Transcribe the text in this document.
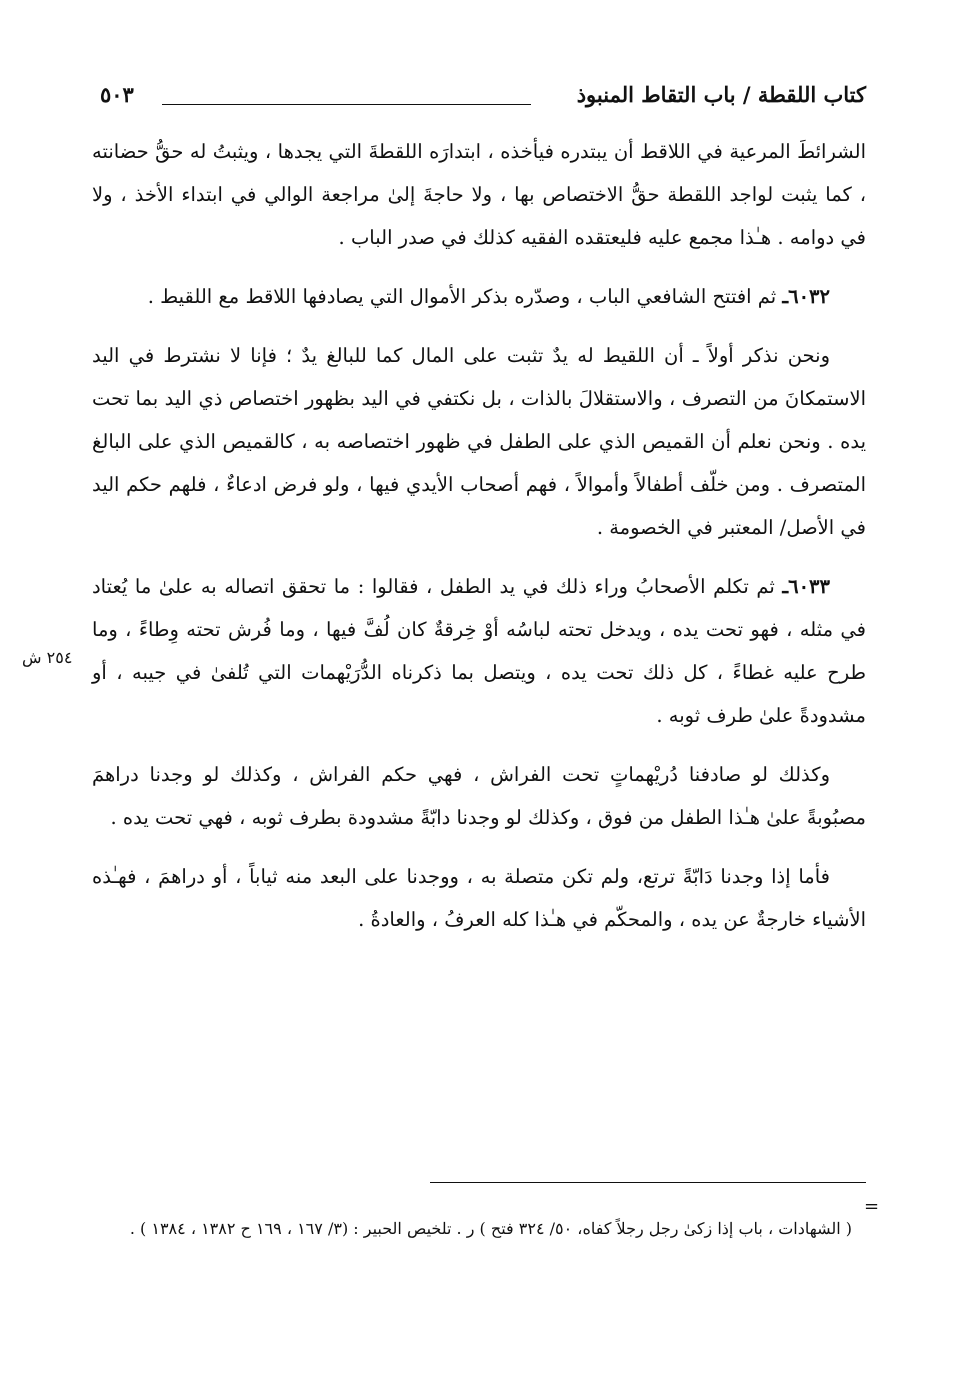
كتاب اللقطة / باب التقاط المنبوذ
٥٠٣

الشرائطَ المرعية في اللاقط أن يبتدره فيأخذه ، ابتدارَه اللقطةَ التي يجدها ، ويثبتُ له حقُّ حضانته ، كما يثبت لواجد اللقطة حقُّ الاختصاص بها ، ولا حاجةَ إلىٰ مراجعة الوالي في ابتداء الأخذ ، ولا في دوامه . هـٰذا مجمع عليه فليعتقده الفقيه كذلك في صدر الباب .

٦٠٣٢ـ ثم افتتح الشافعي الباب ، وصدّره بذكر الأموال التي يصادفها اللاقط مع اللقيط .

ونحن نذكر أولاً ـ أن اللقيط له يدٌ تثبت على المال كما للبالغ يدٌ ؛ فإنا لا نشترط في اليد الاستمكانَ من التصرف ، والاستقلالَ بالذات ، بل نكتفي في اليد بظهور اختصاص ذي اليد بما تحت يده . ونحن نعلم أن القميص الذي على الطفل في ظهور اختصاصه به ، كالقميص الذي على البالغ المتصرف . ومن خلّف أطفالاً وأموالاً ، فهم أصحاب الأيدي فيها ، ولو فرض ادعاءٌ ، فلهم حكم اليد في الأصل/ المعتبر في الخصومة .

٦٠٣٣ـ ثم تكلم الأصحابُ وراء ذلك في يد الطفل ، فقالوا : ما تحقق اتصاله به علىٰ ما يُعتاد في مثله ، فهو تحت يده ، ويدخل تحته لباسُه أوْ خِرقةٌ كان لُفَّ فيها ، وما فُرش تحته وِطاءً ، وما طرح عليه غطاءً ، كل ذلك تحت يده ، ويتصل بما ذكرناه الدُّرَيْهمات التي تُلفىٰ في جيبه ، أو مشدودةً علىٰ طرف ثوبه .

وكذلك لو صادفنا دُريْهماتٍ تحت الفراش ، فهي حكم الفراش ، وكذلك لو وجدنا دراهمَ مصبُوبةً علىٰ هـٰذا الطفل من فوق ، وكذلك لو وجدنا دابّةً مشدودة بطرف ثوبه ، فهي تحت يده .

فأما إذا وجدنا دَابّةً ترتع، ولم تكن متصلة به ، ووجدنا على البعد منه ثياباً ، أو دراهمَ ، فهـٰذه الأشياء خارجةٌ عن يده ، والمحكّم في هـٰذا كله العرفُ ، والعادةُ .

٢٥٤ ش
=
( الشهادات ، باب إذا زكىٰ رجل رجلاً كفاه، ٥٠/ ٣٢٤ فتح ) ر . تلخيص الحبير : (٣/ ١٦٧ ، ١٦٩ ح ١٣٨٢ ، ١٣٨٤ ) .
